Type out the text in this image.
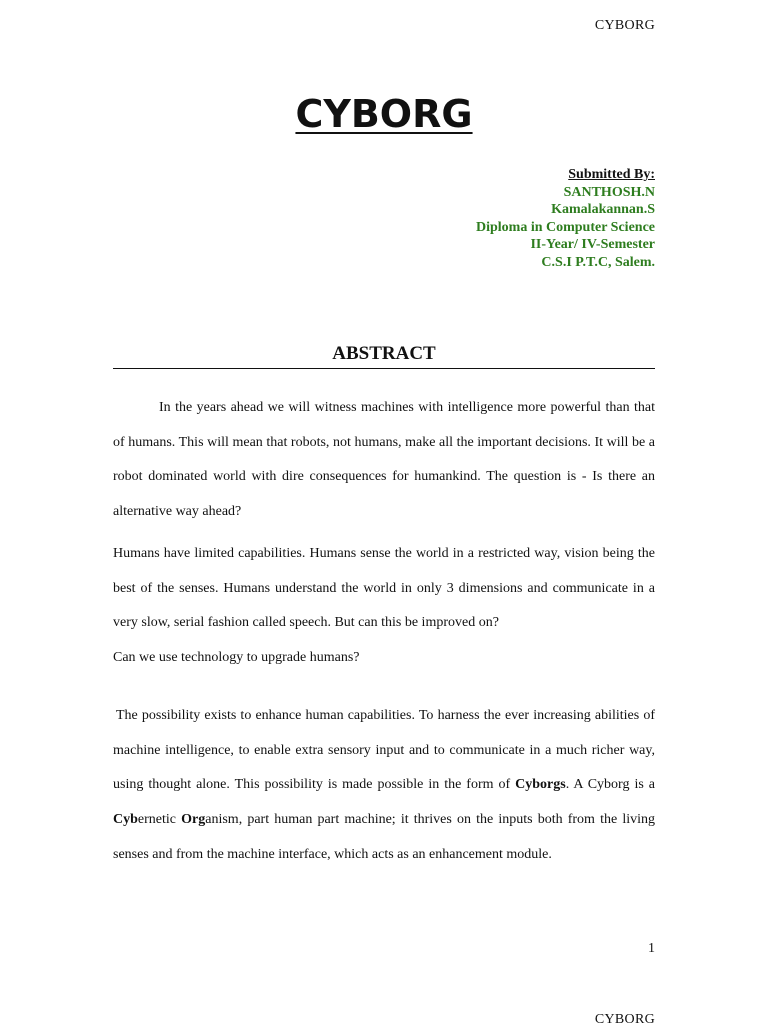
CYBORG
CYBORG
Submitted By:
SANTHOSH.N
Kamalakannan.S
Diploma in Computer Science
II-Year/ IV-Semester
C.S.I P.T.C, Salem.
ABSTRACT
In the years ahead we will witness machines with intelligence more powerful than that of humans. This will mean that robots, not humans, make all the important decisions. It will be a robot dominated world with dire consequences for humankind. The question is - Is there an alternative way ahead?
Humans have limited capabilities. Humans sense the world in a restricted way, vision being the best of the senses. Humans understand the world in only 3 dimensions and communicate in a very slow, serial fashion called speech. But can this be improved on?
Can we use technology to upgrade humans?
The possibility exists to enhance human capabilities. To harness the ever increasing abilities of machine intelligence, to enable extra sensory input and to communicate in a much richer way, using thought alone. This possibility is made possible in the form of Cyborgs. A Cyborg is a Cybernetic Organism, part human part machine; it thrives on the inputs both from the living senses and from the machine interface, which acts as an enhancement module.
1
CYBORG
